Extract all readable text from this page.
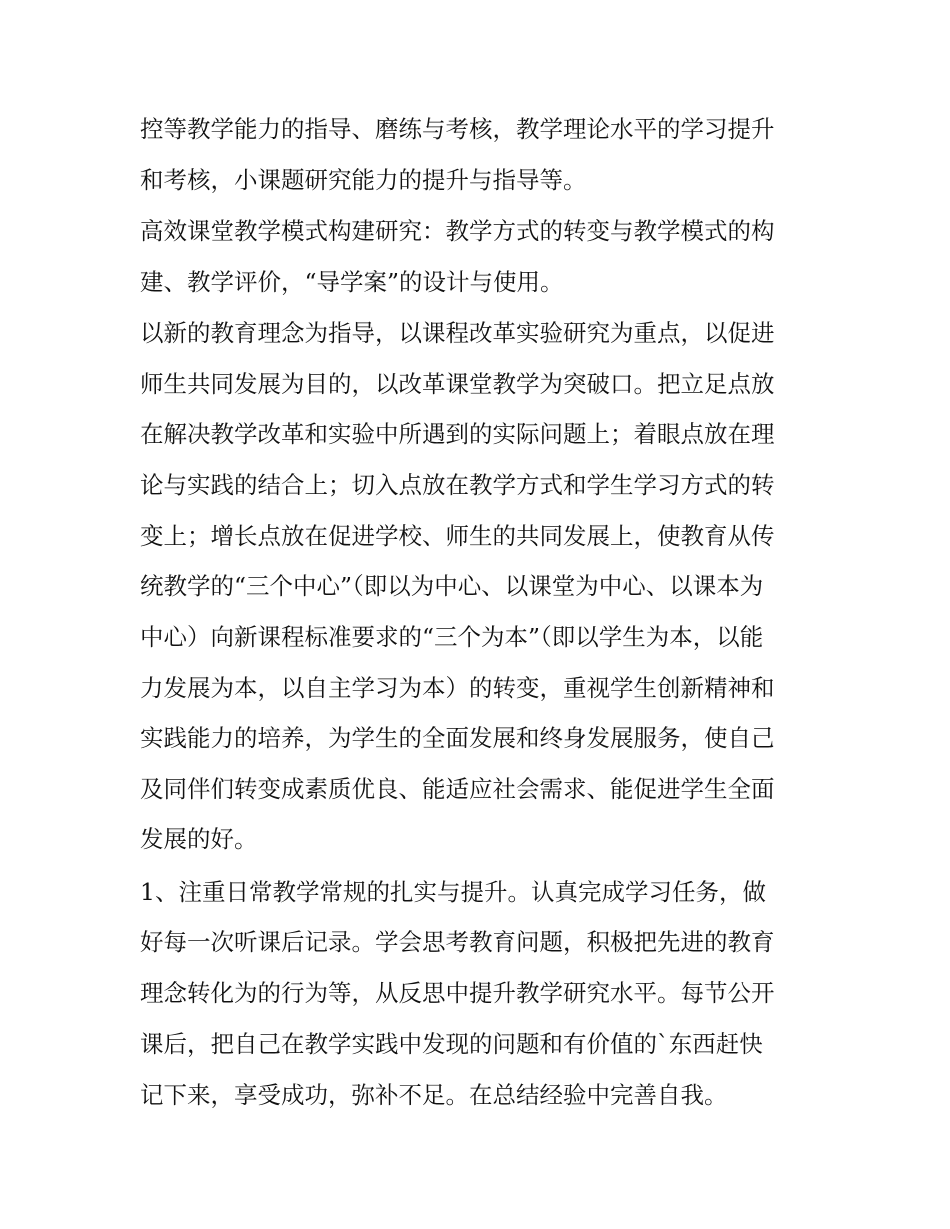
控等教学能力的指导、磨练与考核，教学理论水平的学习提升
和考核，小课题研究能力的提升与指导等。
高效课堂教学模式构建研究：教学方式的转变与教学模式的构
建、教学评价，“导学案”的设计与使用。
以新的教育理念为指导，以课程改革实验研究为重点，以促进
师生共同发展为目的，以改革课堂教学为突破口。把立足点放
在解决教学改革和实验中所遇到的实际问题上；着眼点放在理
论与实践的结合上；切入点放在教学方式和学生学习方式的转
变上；增长点放在促进学校、师生的共同发展上，使教育从传
统教学的“三个中心”（即以为中心、以课堂为中心、以课本为
中心）向新课程标准要求的“三个为本”（即以学生为本，以能
力发展为本，以自主学习为本）的转变，重视学生创新精神和
实践能力的培养，为学生的全面发展和终身发展服务，使自己
及同伴们转变成素质优良、能适应社会需求、能促进学生全面
发展的好。
1、注重日常教学常规的扎实与提升。认真完成学习任务，做
好每一次听课后记录。学会思考教育问题，积极把先进的教育
理念转化为的行为等，从反思中提升教学研究水平。每节公开
课后，把自己在教学实践中发现的问题和有价值的`东西赶快
记下来，享受成功，弥补不足。在总结经验中完善自我。
